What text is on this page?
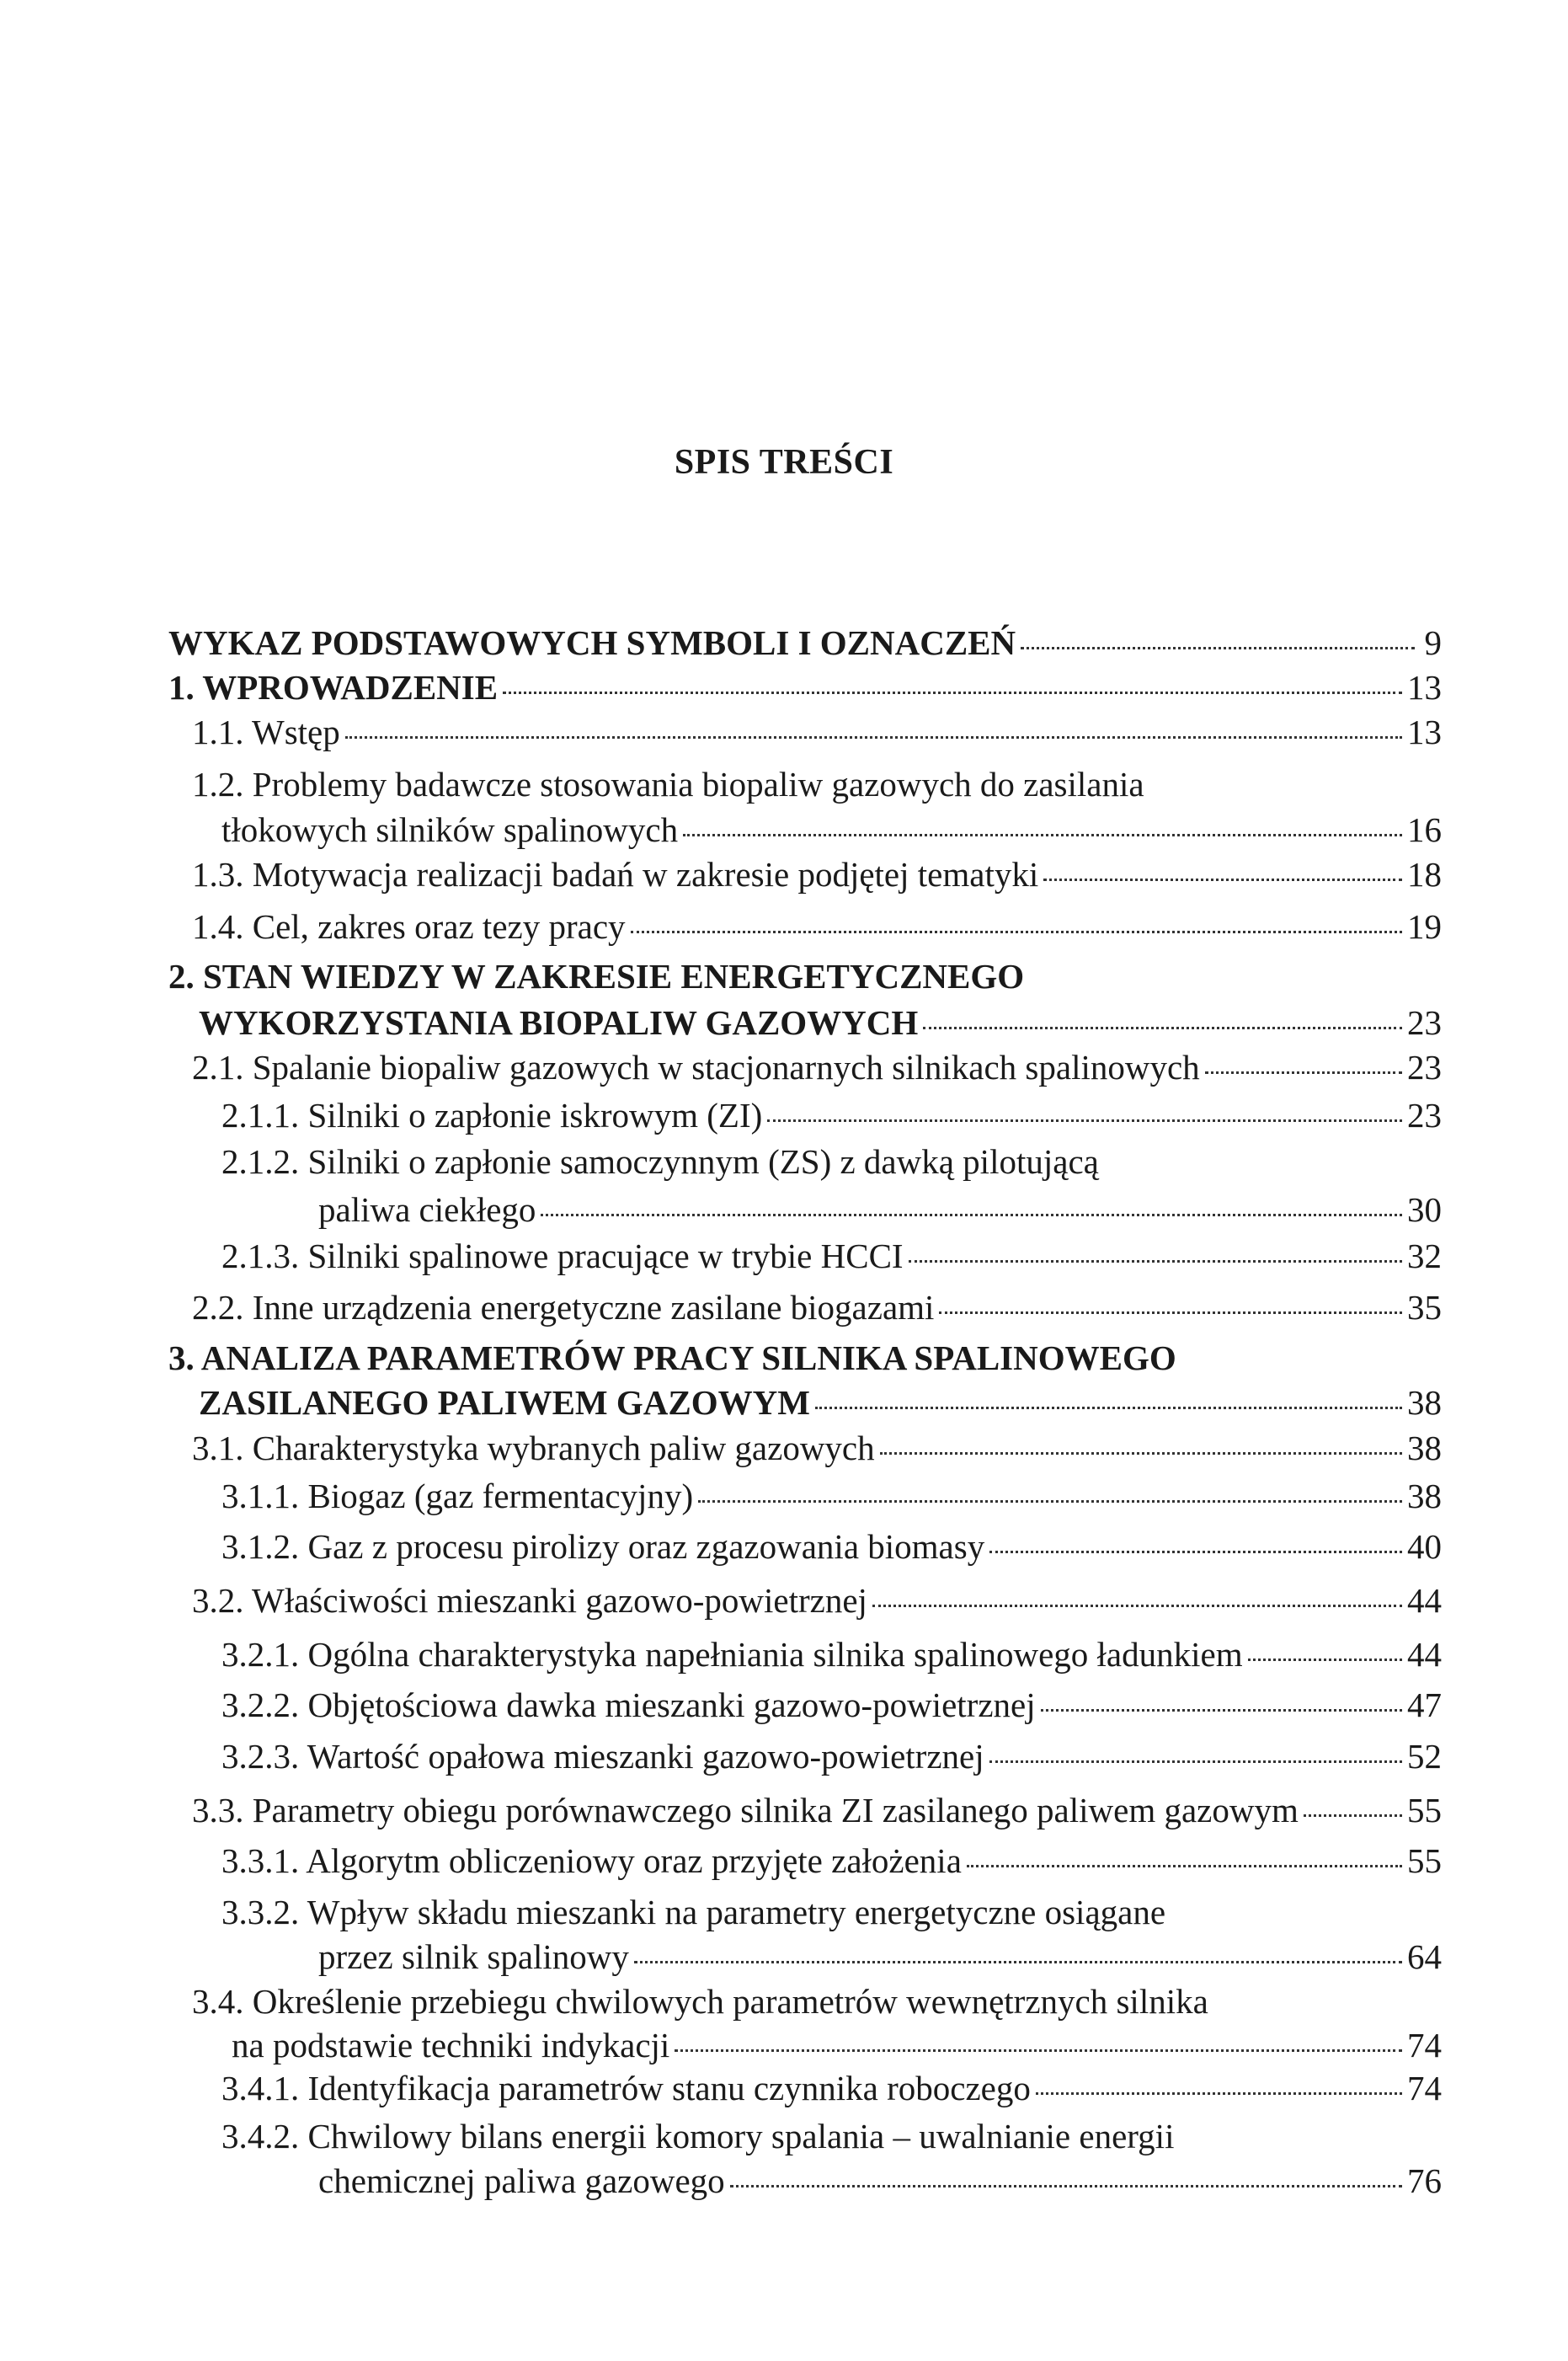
SPIS TREŚCI
WYKAZ PODSTAWOWYCH SYMBOLI I OZNACZEŃ	9
1. WPROWADZENIE	13
1.1. Wstęp	13
1.2. Problemy badawcze stosowania biopaliw gazowych do zasilania
tłokowych silników spalinowych	16
1.3. Motywacja realizacji badań w zakresie podjętej tematyki	18
1.4. Cel, zakres oraz tezy pracy	19
2. STAN WIEDZY W ZAKRESIE ENERGETYCZNEGO
WYKORZYSTANIA BIOPALIW GAZOWYCH	23
2.1. Spalanie biopaliw gazowych w stacjonarnych silnikach spalinowych	23
2.1.1. Silniki o zapłonie iskrowym (ZI)	23
2.1.2. Silniki o zapłonie samoczynnym (ZS) z dawką pilotującą
paliwa ciekłego	30
2.1.3. Silniki spalinowe pracujące w trybie HCCI	32
2.2. Inne urządzenia energetyczne zasilane biogazami	35
3. ANALIZA PARAMETRÓW PRACY SILNIKA SPALINOWEGO
ZASILANEGO PALIWEM GAZOWYM	38
3.1. Charakterystyka wybranych paliw gazowych	38
3.1.1. Biogaz (gaz fermentacyjny)	38
3.1.2. Gaz z procesu pirolizy oraz zgazowania biomasy	40
3.2. Właściwości mieszanki gazowo-powietrznej	44
3.2.1. Ogólna charakterystyka napełniania silnika spalinowego ładunkiem	44
3.2.2. Objętościowa dawka mieszanki gazowo-powietrznej	47
3.2.3. Wartość opałowa mieszanki gazowo-powietrznej	52
3.3. Parametry obiegu porównawczego silnika ZI zasilanego paliwem gazowym	55
3.3.1. Algorytm obliczeniowy oraz przyjęte założenia	55
3.3.2. Wpływ składu mieszanki na parametry energetyczne osiągane
przez silnik spalinowy	64
3.4. Określenie przebiegu chwilowych parametrów wewnętrznych silnika
na podstawie techniki indykacji	74
3.4.1. Identyfikacja parametrów stanu czynnika roboczego	74
3.4.2. Chwilowy bilans energii komory spalania – uwalnianie energii
chemicznej paliwa gazowego	76
